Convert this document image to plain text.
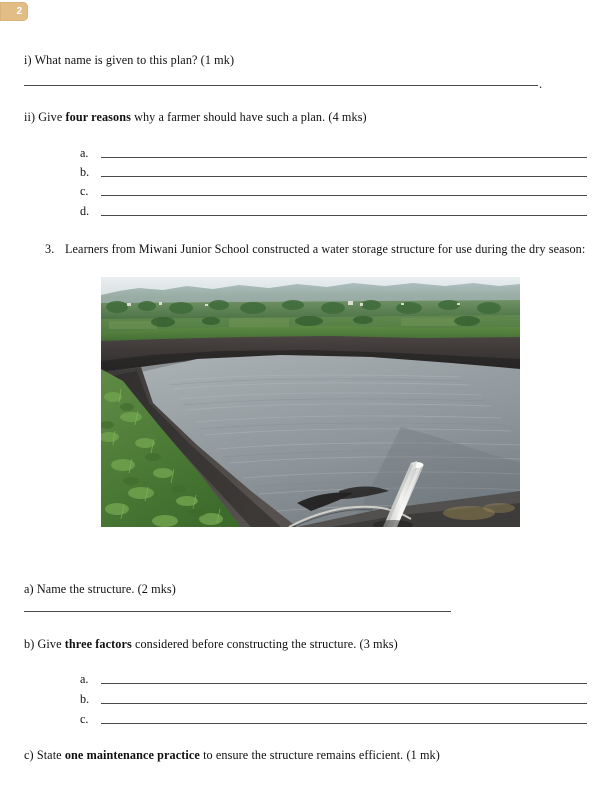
2
i) What name is given to this plan? (1 mk)
.
ii) Give four reasons why a farmer should have such a plan. (4 mks)
a.
b.
c.
d.
3. Learners from Miwani Junior School constructed a water storage structure for use during the dry season:
a) Name the structure. (2 mks)
b) Give three factors considered before constructing the structure. (3 mks)
a.
b.
c.
c) State one maintenance practice to ensure the structure remains efficient. (1 mk)
